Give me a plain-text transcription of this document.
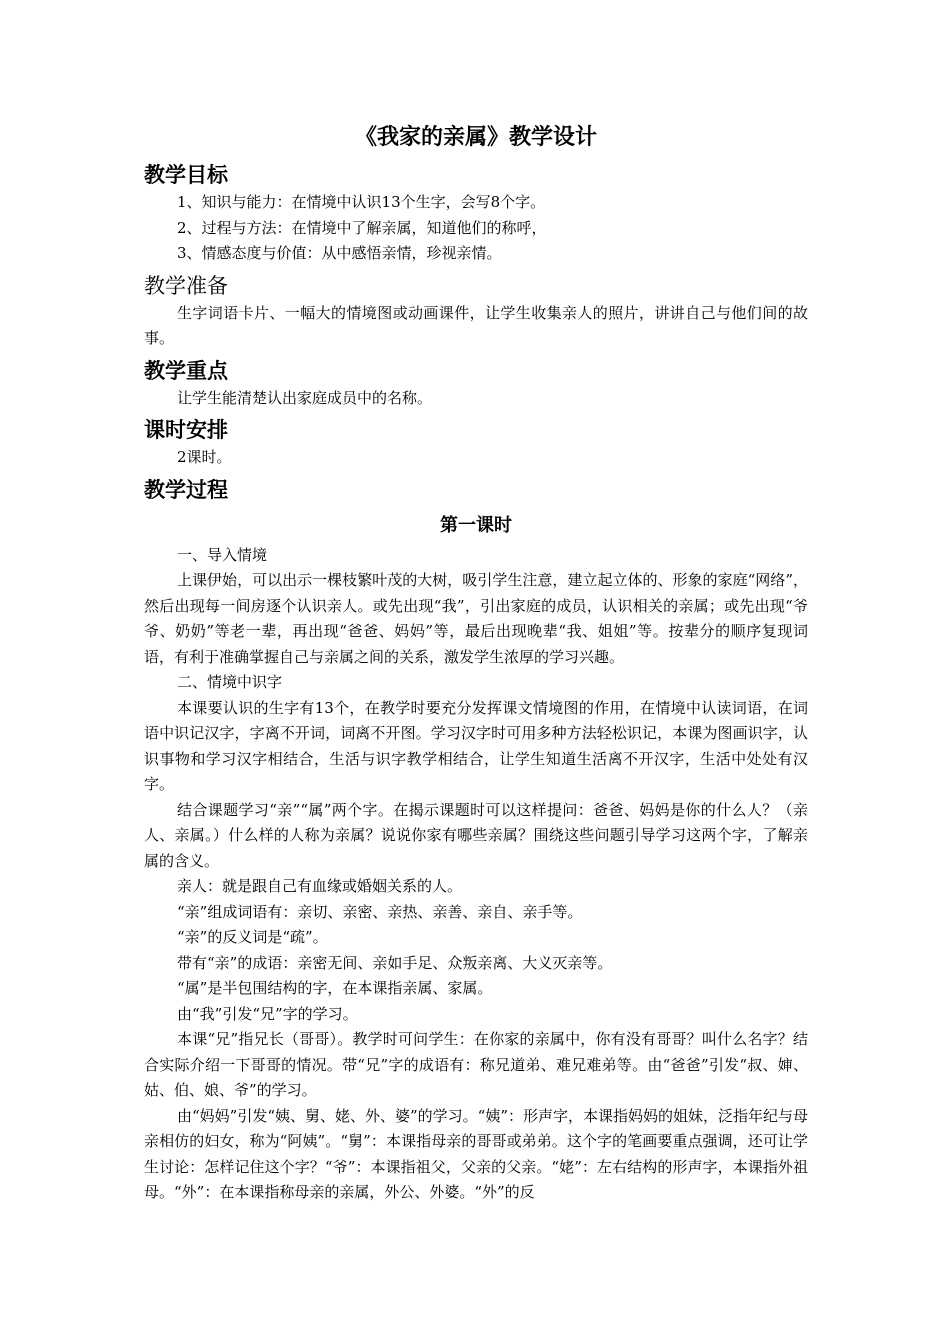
《我家的亲属》教学设计
教学目标

1、知识与能力：在情境中认识13个生字，会写8个字。

2、过程与方法：在情境中了解亲属，知道他们的称呼，

3、情感态度与价值：从中感悟亲情，珍视亲情。

教学准备

生字词语卡片、一幅大的情境图或动画课件，让学生收集亲人的照片，讲讲自己与他们间的故事。

教学重点

让学生能清楚认出家庭成员中的名称。

课时安排

2课时。

教学过程
第一课时

一、导入情境

上课伊始，可以出示一棵枝繁叶茂的大树，吸引学生注意，建立起立体的、形象的家庭“网络”，然后出现每一间房逐个认识亲人。或先出现“我”，引出家庭的成员，认识相关的亲属；或先出现“爷爷、奶奶”等老一辈，再出现“爸爸、妈妈”等，最后出现晚辈“我、姐姐”等。按辈分的顺序复现词语，有利于准确掌握自己与亲属之间的关系，激发学生浓厚的学习兴趣。

二、情境中识字

本课要认识的生字有13个，在教学时要充分发挥课文情境图的作用，在情境中认读词语，在词语中识记汉字，字离不开词，词离不开图。学习汉字时可用多种方法轻松识记，本课为图画识字，认识事物和学习汉字相结合，生活与识字教学相结合，让学生知道生活离不开汉字，生活中处处有汉字。

结合课题学习“亲”“属”两个字。在揭示课题时可以这样提问：爸爸、妈妈是你的什么人？（亲人、亲属。）什么样的人称为亲属？说说你家有哪些亲属？围绕这些问题引导学习这两个字，了解亲属的含义。

亲人：就是跟自己有血缘或婚姻关系的人。

“亲”组成词语有：亲切、亲密、亲热、亲善、亲自、亲手等。

“亲”的反义词是“疏”。

带有“亲”的成语：亲密无间、亲如手足、众叛亲离、大义灭亲等。

“属”是半包围结构的字，在本课指亲属、家属。

由“我”引发“兄”字的学习。

本课“兄”指兄长（哥哥）。教学时可问学生：在你家的亲属中，你有没有哥哥？叫什么名字？结合实际介绍一下哥哥的情况。带“兄”字的成语有：称兄道弟、难兄难弟等。由“爸爸”引发“叔、婶、姑、伯、娘、爷”的学习。

由“妈妈”引发“姨、舅、姥、外、婆”的学习。“姨”：形声字，本课指妈妈的姐妹，泛指年纪与母亲相仿的妇女，称为“阿姨”。“舅”：本课指母亲的哥哥或弟弟。这个字的笔画要重点强调，还可让学生讨论：怎样记住这个字？“爷”：本课指祖父，父亲的父亲。“姥”：左右结构的形声字，本课指外祖母。“外”：在本课指称母亲的亲属，外公、外婆。“外”的反
